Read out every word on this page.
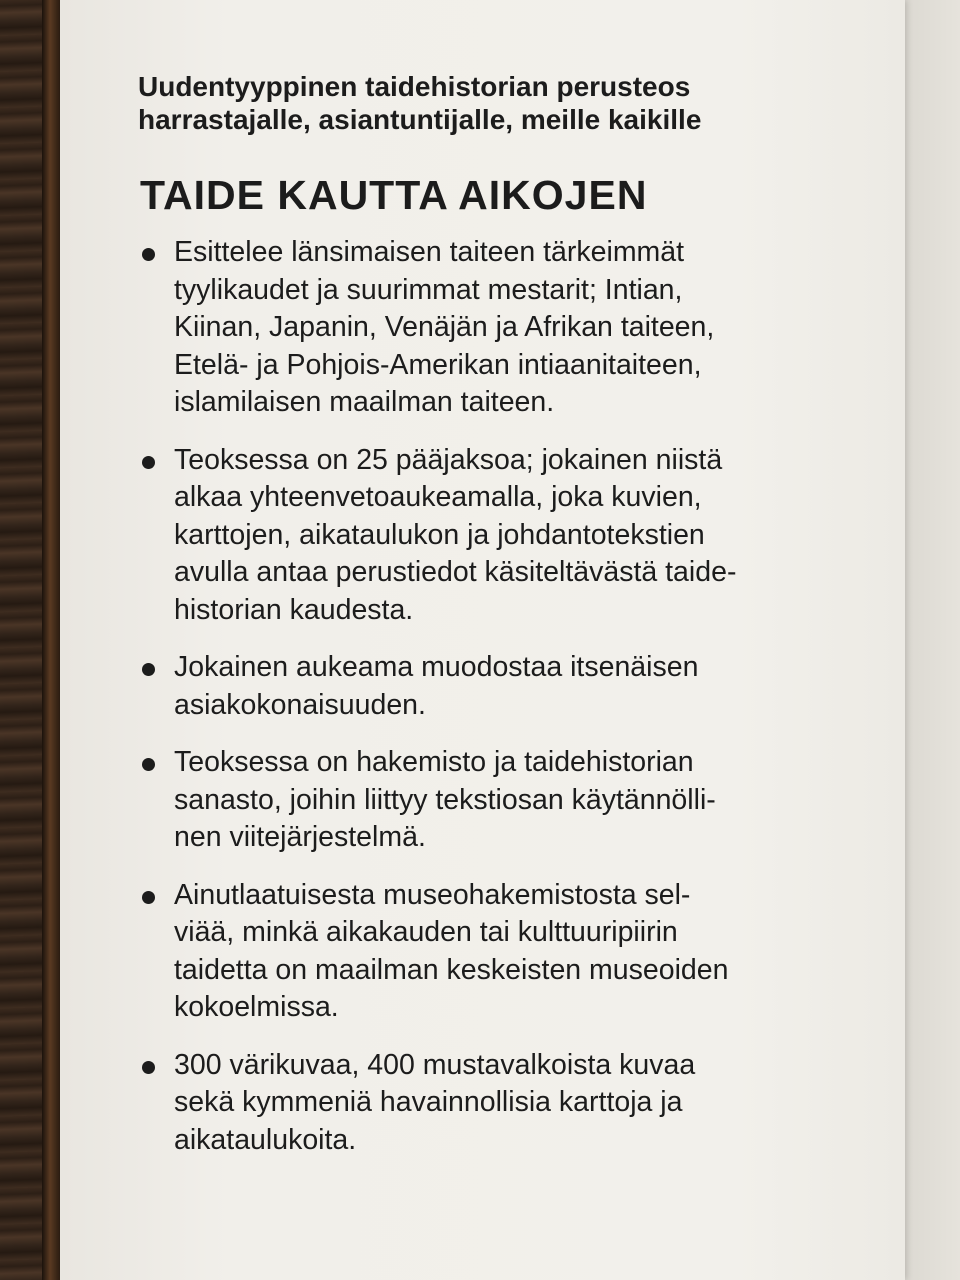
Uudentyyppinen taidehistorian perusteos
harrastajalle, asiantuntijalle, meille kaikille

TAIDE KAUTTA AIKOJEN
Esittelee länsimaisen taiteen tärkeimmät
tyylikaudet ja suurimmat mestarit; Intian,
Kiinan, Japanin, Venäjän ja Afrikan taiteen,
Etelä- ja Pohjois-Amerikan intiaanitaiteen,
islamilaisen maailman taiteen.
Teoksessa on 25 pääjaksoa; jokainen niistä
alkaa yhteenvetoaukeamalla, joka kuvien,
karttojen, aikataulukon ja johdantotekstien
avulla antaa perustiedot käsiteltävästä taide-
historian kaudesta.
Jokainen aukeama muodostaa itsenäisen
asiakokonaisuuden.
Teoksessa on hakemisto ja taidehistorian
sanasto, joihin liittyy tekstiosan käytännölli-
nen viitejärjestelmä.
Ainutlaatuisesta museohakemistosta sel-
viää, minkä aikakauden tai kulttuuripiirin
taidetta on maailman keskeisten museoiden
kokoelmissa.
300 värikuvaa, 400 mustavalkoista kuvaa
sekä kymmeniä havainnollisia karttoja ja
aikataulukoita.
